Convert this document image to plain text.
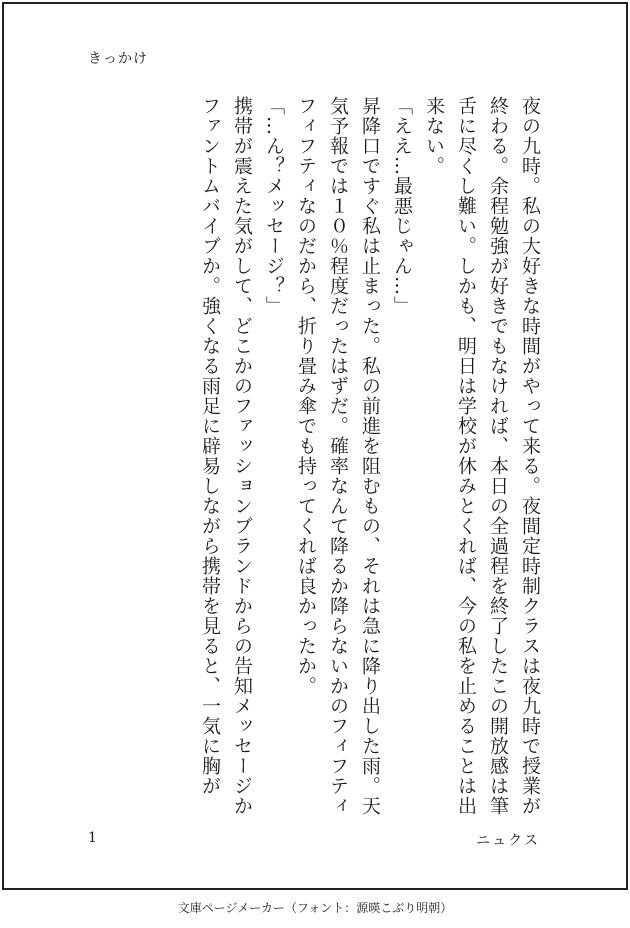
きっかけ

夜の九時。私の大好きな時間がやって来る。夜間定時制クラスは夜九時で授業が終わる。余程勉強が好きでもなければ、本日の全過程を終了したこの開放感は筆舌に尽くし難い。しかも、明日は学校が休みとくれば、今の私を止めることは出来ない。

「ええ…最悪じゃん…」

昇降口ですぐ私は止まった。私の前進を阻むもの、それは急に降り出した雨。天気予報では１０％程度だったはずだ。確率なんて降るか降らないかのフィフティフィフティなのだから、折り畳み傘でも持ってくれば良かったか。

「…ん？メッセージ？」

携帯が震えた気がして、どこかのファッションブランドからの告知メッセージかファントムバイブか。強くなる雨足に辟易しながら携帯を見ると、一気に胸が

1	ニュクス
文庫ページメーカー（フォント：源暎こぶり明朝）
